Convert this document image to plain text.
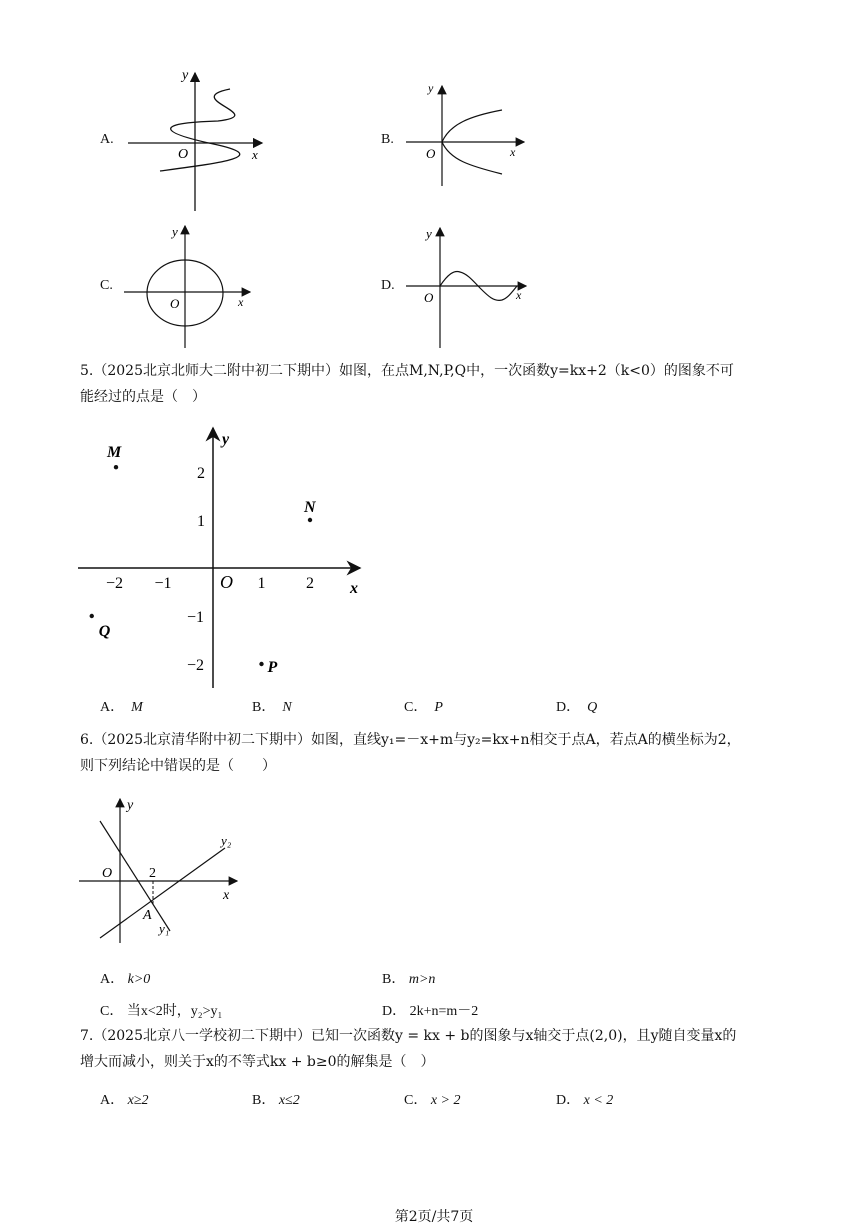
A.
O	x
y
B.
O	x
y
C.
O	x
y
D.
O	x
y
5.（2025北京北师大二附中初二下期中）如图，在点M,N,P,Q中，一次函数y=kx+2（k<0）的图象不可
能经过的点是（　）
−2 −1	1	2
2
1
−1
−2
M
N
P
Q
O	x
y
A． M	B． N	C． P	D． Q
6.（2025北京清华附中初二下期中）如图，直线y₁=－x+m与y₂=kx+n相交于点A，若点A的横坐标为2，
则下列结论中错误的是（　　）
O
x
y
2
A
y₁
y₂
A． k>0	B． m>n
C． 当x<2时，y₂>y₁	D． 2k+n=m－2
7.（2025北京八一学校初二下期中）已知一次函数y = kx + b的图象与x轴交于点(2,0)，且y随自变量x的
增大而减小，则关于x的不等式kx + b≥0的解集是（　）
A． x≥2	B． x≤2	C． x > 2	D． x < 2
第2页/共7页
